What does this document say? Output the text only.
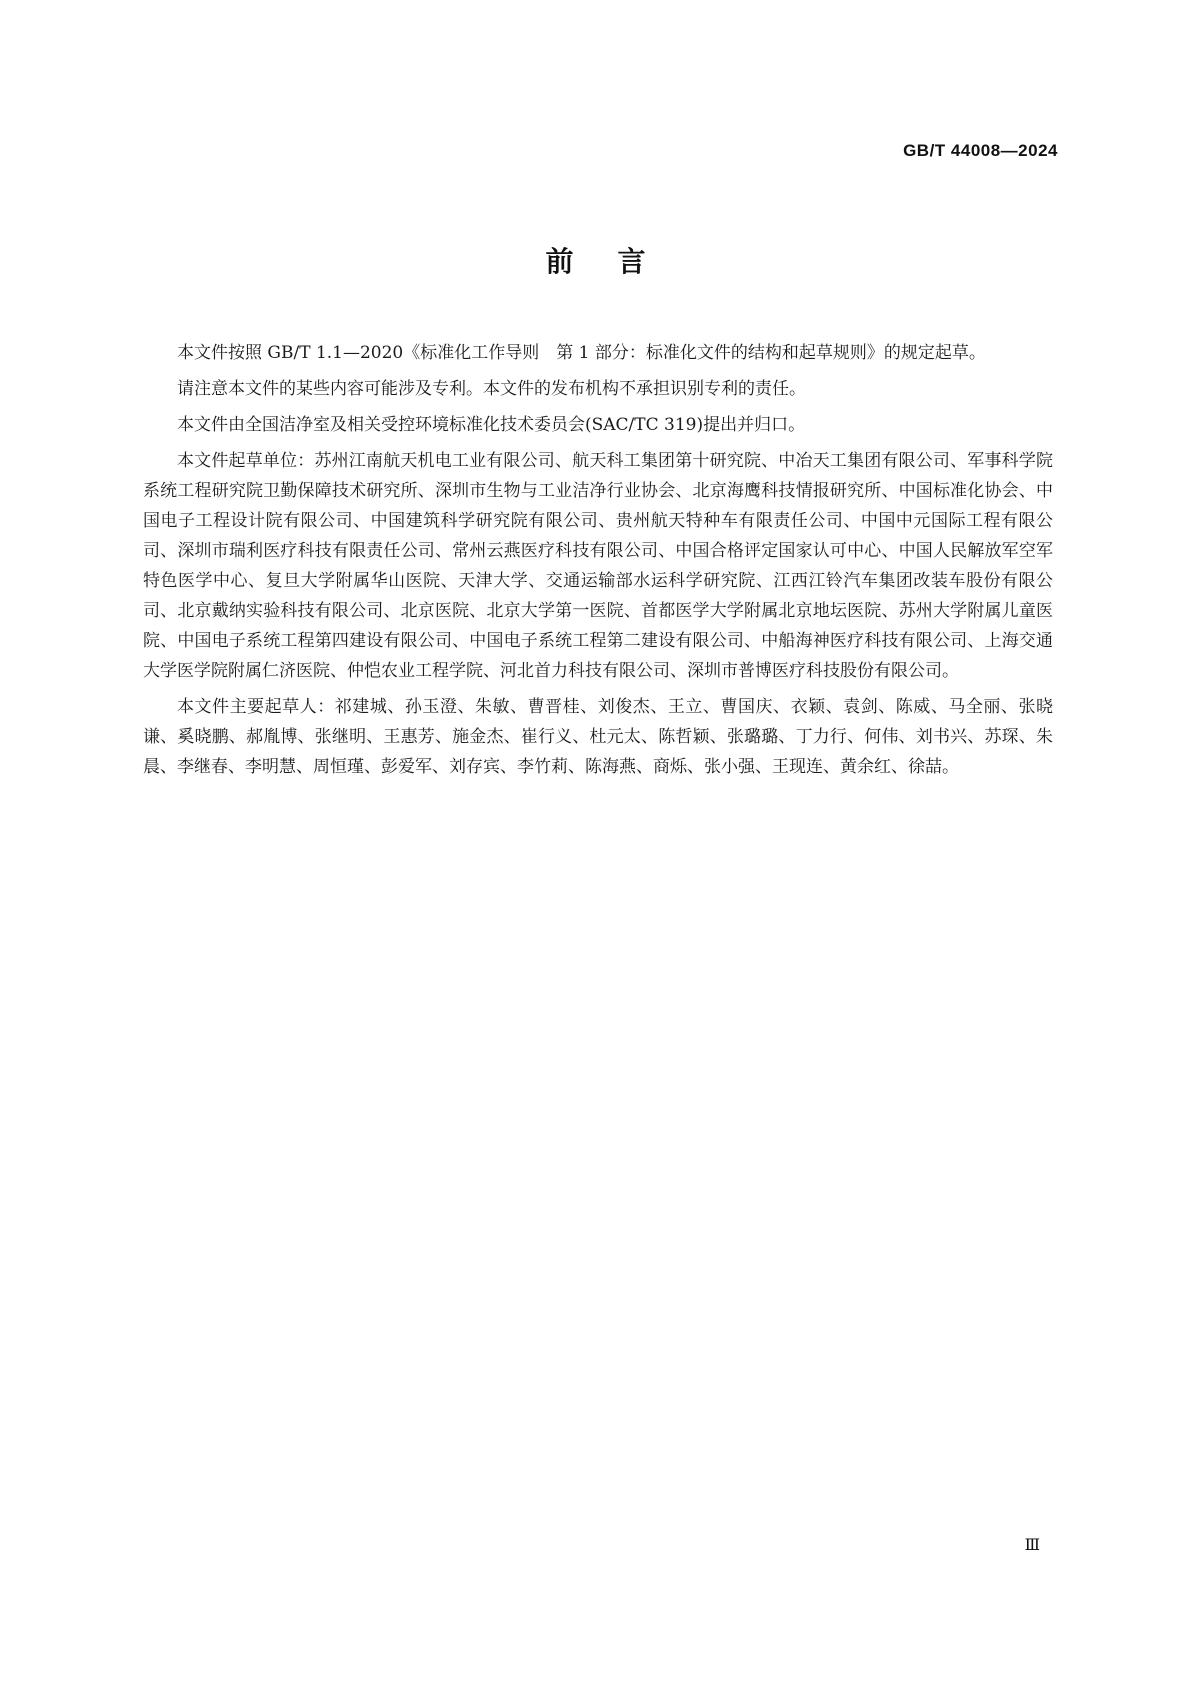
GB/T 44008—2024
前言

本文件按照 GB/T 1.1—2020《标准化工作导则　第 1 部分：标准化文件的结构和起草规则》的规定起草。

请注意本文件的某些内容可能涉及专利。本文件的发布机构不承担识别专利的责任。

本文件由全国洁净室及相关受控环境标准化技术委员会(SAC/TC 319)提出并归口。

本文件起草单位：苏州江南航天机电工业有限公司、航天科工集团第十研究院、中冶天工集团有限公司、军事科学院系统工程研究院卫勤保障技术研究所、深圳市生物与工业洁净行业协会、北京海鹰科技情报研究所、中国标准化协会、中国电子工程设计院有限公司、中国建筑科学研究院有限公司、贵州航天特种车有限责任公司、中国中元国际工程有限公司、深圳市瑞利医疗科技有限责任公司、常州云燕医疗科技有限公司、中国合格评定国家认可中心、中国人民解放军空军特色医学中心、复旦大学附属华山医院、天津大学、交通运输部水运科学研究院、江西江铃汽车集团改装车股份有限公司、北京戴纳实验科技有限公司、北京医院、北京大学第一医院、首都医学大学附属北京地坛医院、苏州大学附属儿童医院、中国电子系统工程第四建设有限公司、中国电子系统工程第二建设有限公司、中船海神医疗科技有限公司、上海交通大学医学院附属仁济医院、仲恺农业工程学院、河北首力科技有限公司、深圳市普博医疗科技股份有限公司。

本文件主要起草人：祁建城、孙玉澄、朱敏、曹晋桂、刘俊杰、王立、曹国庆、衣颖、袁剑、陈威、马全丽、张晓谦、奚晓鹏、郝胤博、张继明、王惠芳、施金杰、崔行义、杜元太、陈哲颖、张璐璐、丁力行、何伟、刘书兴、苏琛、朱晨、李继春、李明慧、周恒瑾、彭爱军、刘存宾、李竹莉、陈海燕、商烁、张小强、王现连、黄余红、徐喆。

Ⅲ
